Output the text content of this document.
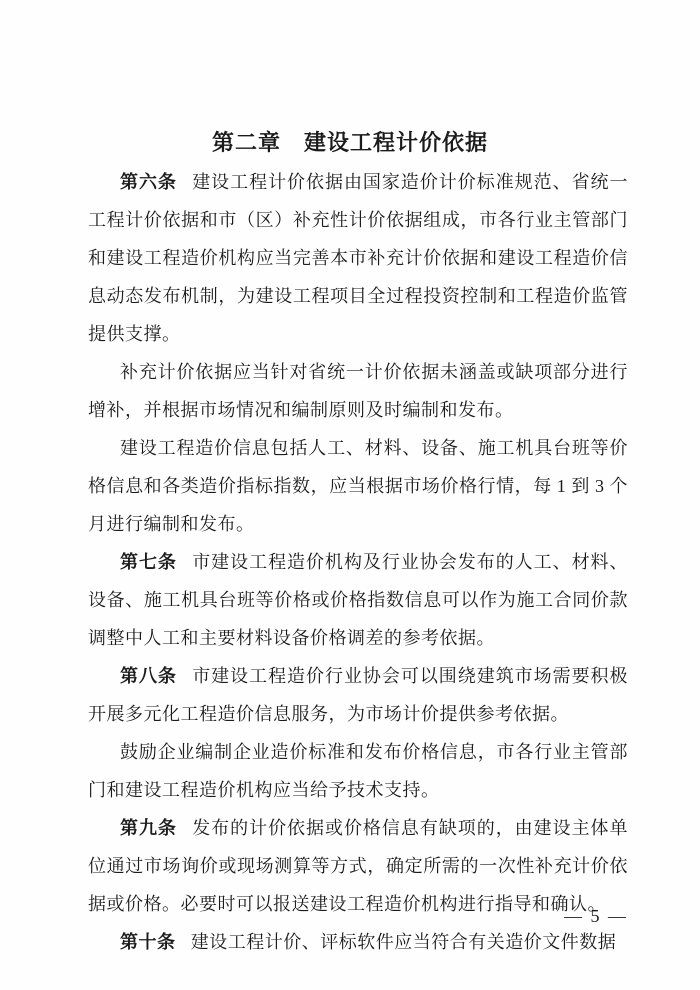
第二章　建设工程计价依据

第六条 建设工程计价依据由国家造价计价标准规范、省统一工程计价依据和市（区）补充性计价依据组成，市各行业主管部门和建设工程造价机构应当完善本市补充计价依据和建设工程造价信息动态发布机制，为建设工程项目全过程投资控制和工程造价监管提供支撑。

补充计价依据应当针对省统一计价依据未涵盖或缺项部分进行增补，并根据市场情况和编制原则及时编制和发布。

建设工程造价信息包括人工、材料、设备、施工机具台班等价格信息和各类造价指标指数，应当根据市场价格行情，每 1 到 3 个月进行编制和发布。

第七条 市建设工程造价机构及行业协会发布的人工、材料、设备、施工机具台班等价格或价格指数信息可以作为施工合同价款调整中人工和主要材料设备价格调差的参考依据。

第八条 市建设工程造价行业协会可以围绕建筑市场需要积极开展多元化工程造价信息服务，为市场计价提供参考依据。

鼓励企业编制企业造价标准和发布价格信息，市各行业主管部门和建设工程造价机构应当给予技术支持。

第九条 发布的计价依据或价格信息有缺项的，由建设主体单位通过市场询价或现场测算等方式，确定所需的一次性补充计价依据或价格。必要时可以报送建设工程造价机构进行指导和确认。

第十条 建设工程计价、评标软件应当符合有关造价文件数据

— 5 —
